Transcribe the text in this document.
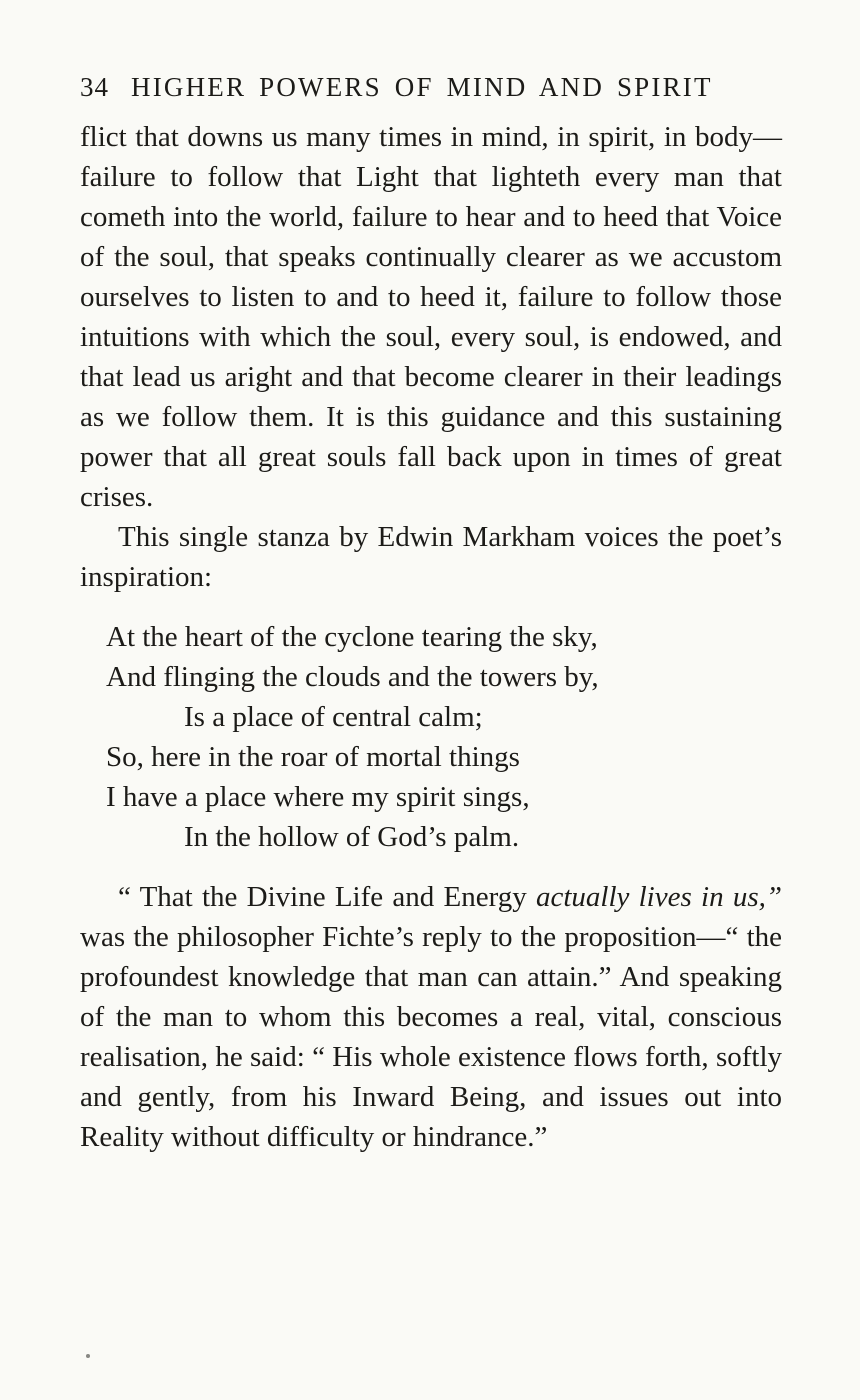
34 HIGHER POWERS OF MIND AND SPIRIT

flict that downs us many times in mind, in spirit, in body—failure to follow that Light that lighteth every man that cometh into the world, failure to hear and to heed that Voice of the soul, that speaks continually clearer as we accustom ourselves to listen to and to heed it, failure to follow those intuitions with which the soul, every soul, is endowed, and that lead us aright and that become clearer in their leadings as we follow them. It is this guidance and this sustaining power that all great souls fall back upon in times of great crises.

This single stanza by Edwin Markham voices the poet’s inspiration:

At the heart of the cyclone tearing the sky,
And flinging the clouds and the towers by,
Is a place of central calm;
So, here in the roar of mortal things
I have a place where my spirit sings,
In the hollow of God’s palm.

“ That the Divine Life and Energy actually lives in us,” was the philosopher Fichte’s reply to the proposition—“ the profoundest knowledge that man can attain.” And speaking of the man to whom this becomes a real, vital, conscious realisation, he said: “ His whole existence flows forth, softly and gently, from his Inward Being, and issues out into Reality without difficulty or hindrance.”
